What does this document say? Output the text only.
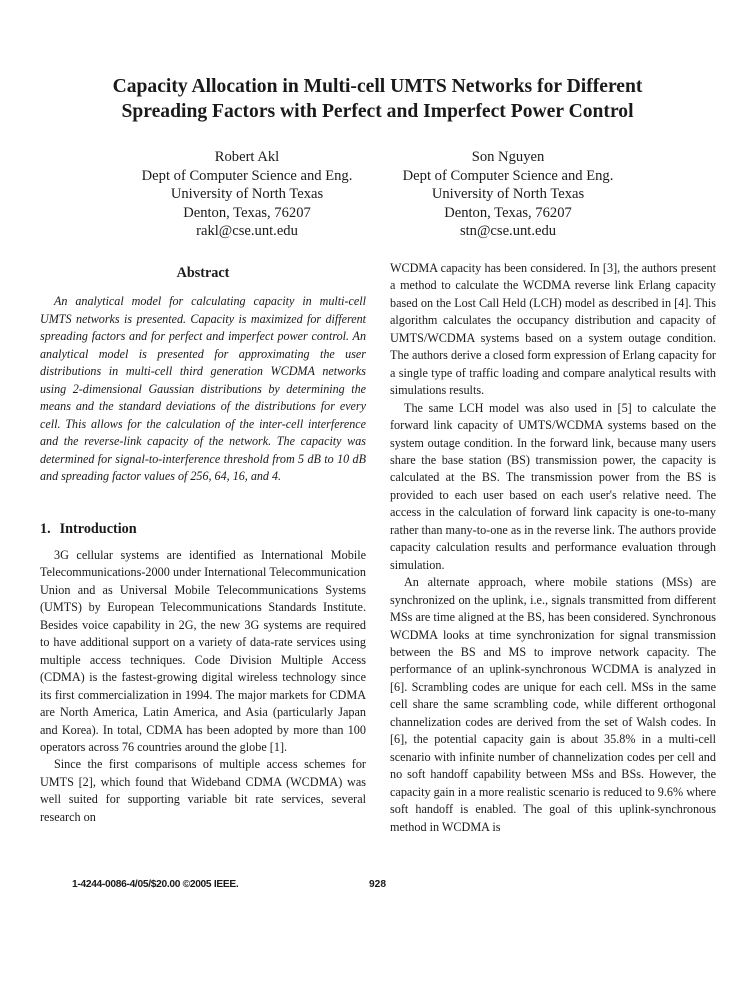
Capacity Allocation in Multi-cell UMTS Networks for Different
Spreading Factors with Perfect and Imperfect Power Control
Robert Akl
Dept of Computer Science and Eng.
University of North Texas
Denton, Texas, 76207
rakl@cse.unt.edu
Son Nguyen
Dept of Computer Science and Eng.
University of North Texas
Denton, Texas, 76207
stn@cse.unt.edu
Abstract

An analytical model for calculating capacity in multi-cell UMTS networks is presented. Capacity is maximized for different spreading factors and for perfect and imperfect power control. An analytical model is presented for approximating the user distributions in multi-cell third generation WCDMA networks using 2-dimensional Gaussian distributions by determining the means and the standard deviations of the distributions for every cell. This allows for the calculation of the inter-cell interference and the reverse-link capacity of the network. The capacity was determined for signal-to-interference threshold from 5 dB to 10 dB and spreading factor values of 256, 64, 16, and 4.

1. Introduction

3G cellular systems are identified as International Mobile Telecommunications-2000 under International Telecommunication Union and as Universal Mobile Telecommunications Systems (UMTS) by European Telecommunications Standards Institute. Besides voice capability in 2G, the new 3G systems are required to have additional support on a variety of data-rate services using multiple access techniques. Code Division Multiple Access (CDMA) is the fastest-growing digital wireless technology since its first commercialization in 1994. The major markets for CDMA are North America, Latin America, and Asia (particularly Japan and Korea). In total, CDMA has been adopted by more than 100 operators across 76 countries around the globe [1].

Since the first comparisons of multiple access schemes for UMTS [2], which found that Wideband CDMA (WCDMA) was well suited for supporting variable bit rate services, several research on

WCDMA capacity has been considered. In [3], the authors present a method to calculate the WCDMA reverse link Erlang capacity based on the Lost Call Held (LCH) model as described in [4]. This algorithm calculates the occupancy distribution and capacity of UMTS/WCDMA systems based on a system outage condition. The authors derive a closed form expression of Erlang capacity for a single type of traffic loading and compare analytical results with simulations results.

The same LCH model was also used in [5] to calculate the forward link capacity of UMTS/WCDMA systems based on the system outage condition. In the forward link, because many users share the base station (BS) transmission power, the capacity is calculated at the BS. The transmission power from the BS is provided to each user based on each user's relative need. The access in the calculation of forward link capacity is one-to-many rather than many-to-one as in the reverse link. The authors provide capacity calculation results and performance evaluation through simulation.

An alternate approach, where mobile stations (MSs) are synchronized on the uplink, i.e., signals transmitted from different MSs are time aligned at the BS, has been considered. Synchronous WCDMA looks at time synchronization for signal transmission between the BS and MS to improve network capacity. The performance of an uplink-synchronous WCDMA is analyzed in [6]. Scrambling codes are unique for each cell. MSs in the same cell share the same scrambling code, while different orthogonal channelization codes are derived from the set of Walsh codes. In [6], the potential capacity gain is about 35.8% in a multi-cell scenario with infinite number of channelization codes per cell and no soft handoff capability between MSs and BSs. However, the capacity gain in a more realistic scenario is reduced to 9.6% where soft handoff is enabled. The goal of this uplink-synchronous method in WCDMA is

1-4244-0086-4/05/$20.00 ©2005 IEEE.	928
